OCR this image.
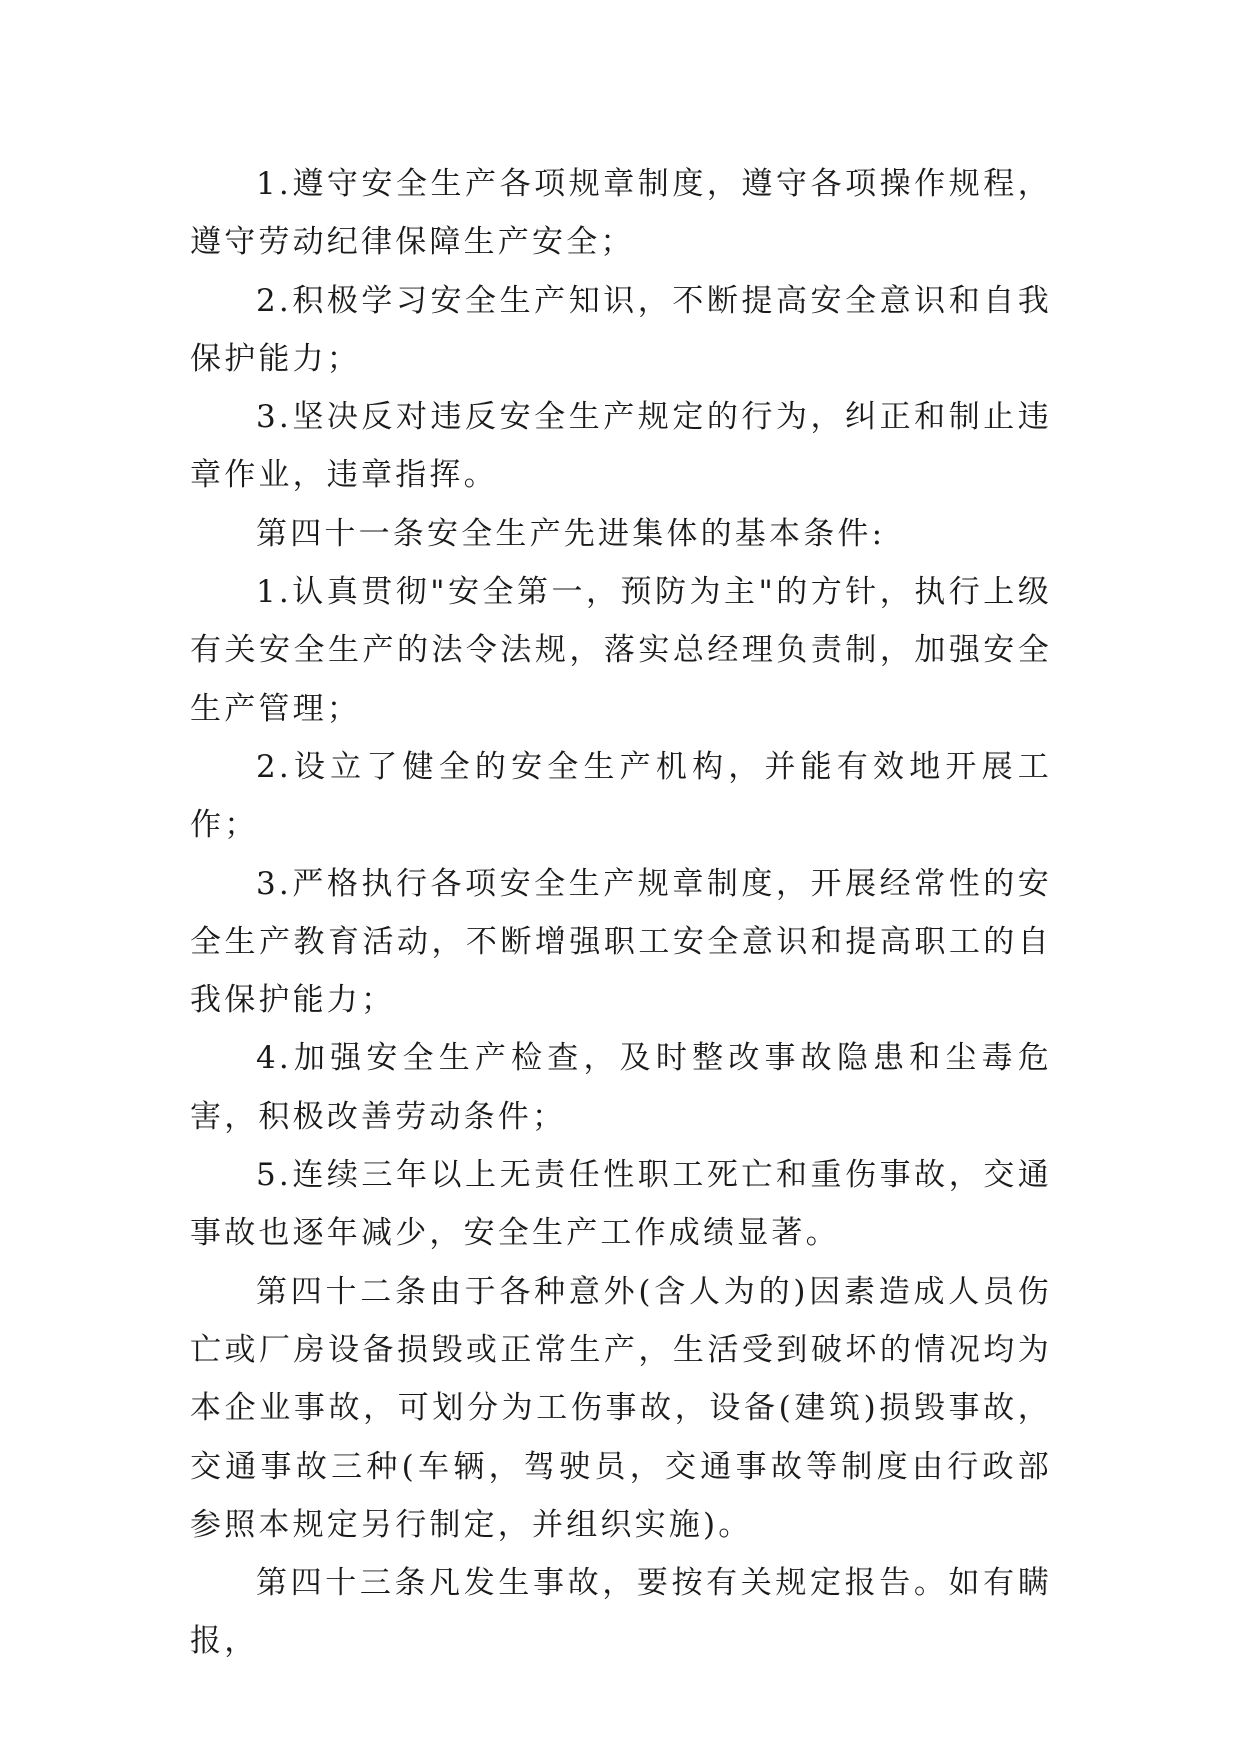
1.遵守安全生产各项规章制度，遵守各项操作规程，遵守劳动纪律保障生产安全；

2.积极学习安全生产知识，不断提高安全意识和自我保护能力；

3.坚决反对违反安全生产规定的行为，纠正和制止违章作业，违章指挥。

第四十一条安全生产先进集体的基本条件:

1.认真贯彻"安全第一，预防为主"的方针，执行上级有关安全生产的法令法规，落实总经理负责制，加强安全生产管理；

2.设立了健全的安全生产机构，并能有效地开展工作；

3.严格执行各项安全生产规章制度，开展经常性的安全生产教育活动，不断增强职工安全意识和提高职工的自我保护能力；

4.加强安全生产检查，及时整改事故隐患和尘毒危害，积极改善劳动条件；

5.连续三年以上无责任性职工死亡和重伤事故，交通事故也逐年减少，安全生产工作成绩显著。

第四十二条由于各种意外(含人为的)因素造成人员伤亡或厂房设备损毁或正常生产，生活受到破坏的情况均为本企业事故，可划分为工伤事故，设备(建筑)损毁事故，交通事故三种(车辆，驾驶员，交通事故等制度由行政部参照本规定另行制定，并组织实施)。

第四十三条凡发生事故，要按有关规定报告。如有瞒报，
